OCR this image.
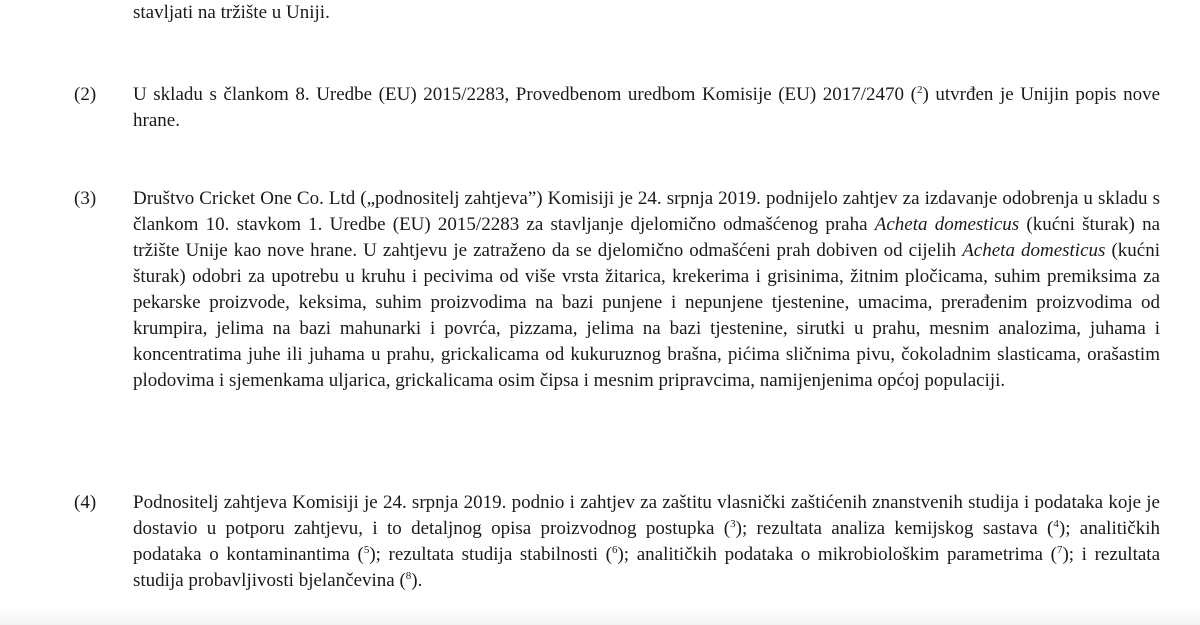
stavljati na tržište u Uniji.
(2) U skladu s člankom 8. Uredbe (EU) 2015/2283, Provedbenom uredbom Komisije (EU) 2017/2470 ($^2$) utvrđen je Unijin popis nove hrane.

(3) Društvo Cricket One Co. Ltd („podnositelj zahtjeva”) Komisiji je 24. srpnja 2019. podnijelo zahtjev za izdavanje odobrenja u skladu s člankom 10. stavkom 1. Uredbe (EU) 2015/2283 za stavljanje djelomično odmašćenog praha Acheta domesticus (kućni šturak) na tržište Unije kao nove hrane. U zahtjevu je zatraženo da se djelomično odmašćeni prah dobiven od cijelih Acheta domesticus (kućni šturak) odobri za upotrebu u kruhu i pecivima od više vrsta žitarica, krekerima i grisinima, žitnim pločicama, suhim premiksima za pekarske proizvode, keksima, suhim proizvodima na bazi punjene i nepunjene tjestenine, umacima, prerađenim proizvodima od krumpira, jelima na bazi mahunarki i povrća, pizzama, jelima na bazi tjestenine, sirutki u prahu, mesnim analozima, juhama i koncentratima juhe ili juhama u prahu, grickalicama od kukuruznog brašna, pićima sličnima pivu, čokoladnim slasticama, orašastim plodovima i sjemenkama uljarica, grickalicama osim čipsa i mesnim pripravcima, namijenjenima općoj populaciji.

(4) Podnositelj zahtjeva Komisiji je 24. srpnja 2019. podnio i zahtjev za zaštitu vlasnički zaštićenih znanstvenih studija i podataka koje je dostavio u potporu zahtjevu, i to detaljnog opisa proizvodnog postupka ($^3$); rezultata analiza kemijskog sastava ($^4$); analitičkih podataka o kontaminantima ($^5$); rezultata studija stabilnosti ($^6$); analitičkih podataka o mikrobiološkim parametrima ($^7$); i rezultata studija probavljivosti bjelančevina ($^8$).
